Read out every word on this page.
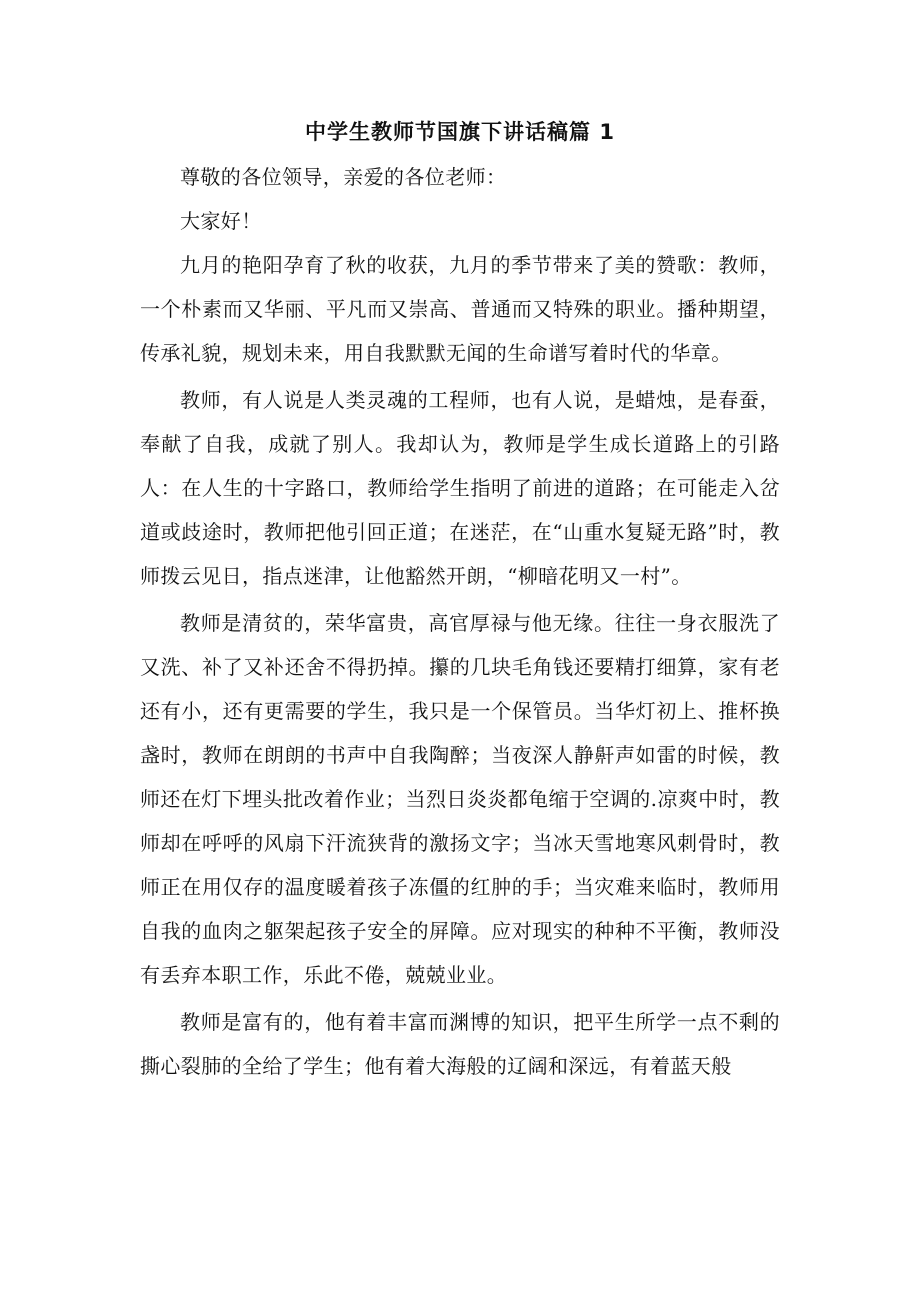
中学生教师节国旗下讲话稿篇 1

尊敬的各位领导，亲爱的各位老师：

大家好！

九月的艳阳孕育了秋的收获，九月的季节带来了美的赞歌：教师，一个朴素而又华丽、平凡而又崇高、普通而又特殊的职业。播种期望，传承礼貌，规划未来，用自我默默无闻的生命谱写着时代的华章。

教师，有人说是人类灵魂的工程师，也有人说，是蜡烛，是春蚕，奉献了自我，成就了别人。我却认为，教师是学生成长道路上的引路人：在人生的十字路口，教师给学生指明了前进的道路；在可能走入岔道或歧途时，教师把他引回正道；在迷茫，在“山重水复疑无路”时，教师拨云见日，指点迷津，让他豁然开朗，“柳暗花明又一村”。

教师是清贫的，荣华富贵，高官厚禄与他无缘。往往一身衣服洗了又洗、补了又补还舍不得扔掉。攥的几块毛角钱还要精打细算，家有老还有小，还有更需要的学生，我只是一个保管员。当华灯初上、推杯换盏时，教师在朗朗的书声中自我陶醉；当夜深人静鼾声如雷的时候，教师还在灯下埋头批改着作业；当烈日炎炎都龟缩于空调的.凉爽中时，教师却在呼呼的风扇下汗流狭背的激扬文字；当冰天雪地寒风刺骨时，教师正在用仅存的温度暖着孩子冻僵的红肿的手；当灾难来临时，教师用自我的血肉之躯架起孩子安全的屏障。应对现实的种种不平衡，教师没有丢弃本职工作，乐此不倦，兢兢业业。

教师是富有的，他有着丰富而渊博的知识，把平生所学一点不剩的撕心裂肺的全给了学生；他有着大海般的辽阔和深远，有着蓝天般
